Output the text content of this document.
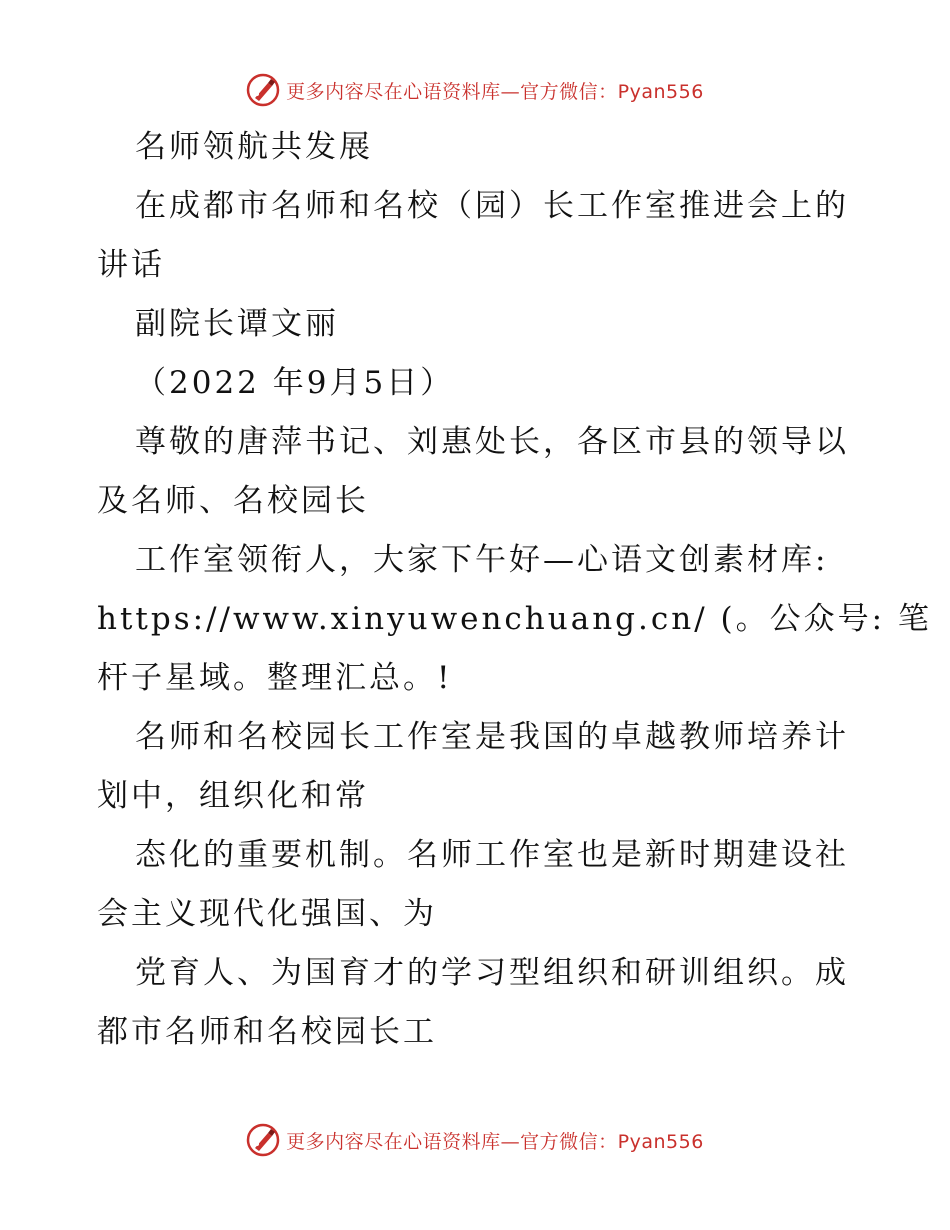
更多内容尽在心语资料库—官方微信：Pyan556
名师领航共发展
在成都市名师和名校（园）长工作室推进会上的
讲话
副院长谭文丽
（2022 年9月5日）
尊敬的唐萍书记、刘惠处长，各区市县的领导以
及名师、名校园长
工作室领衔人，大家下午好—心语文创素材库:
https://www.xinyuwenchuang.cn/ (。公众号: 笔
杆子星域。整理汇总。!
名师和名校园长工作室是我国的卓越教师培养计
划中，组织化和常
态化的重要机制。名师工作室也是新时期建设社
会主义现代化强国、为
党育人、为国育才的学习型组织和研训组织。成
都市名师和名校园长工
更多内容尽在心语资料库—官方微信：Pyan556
